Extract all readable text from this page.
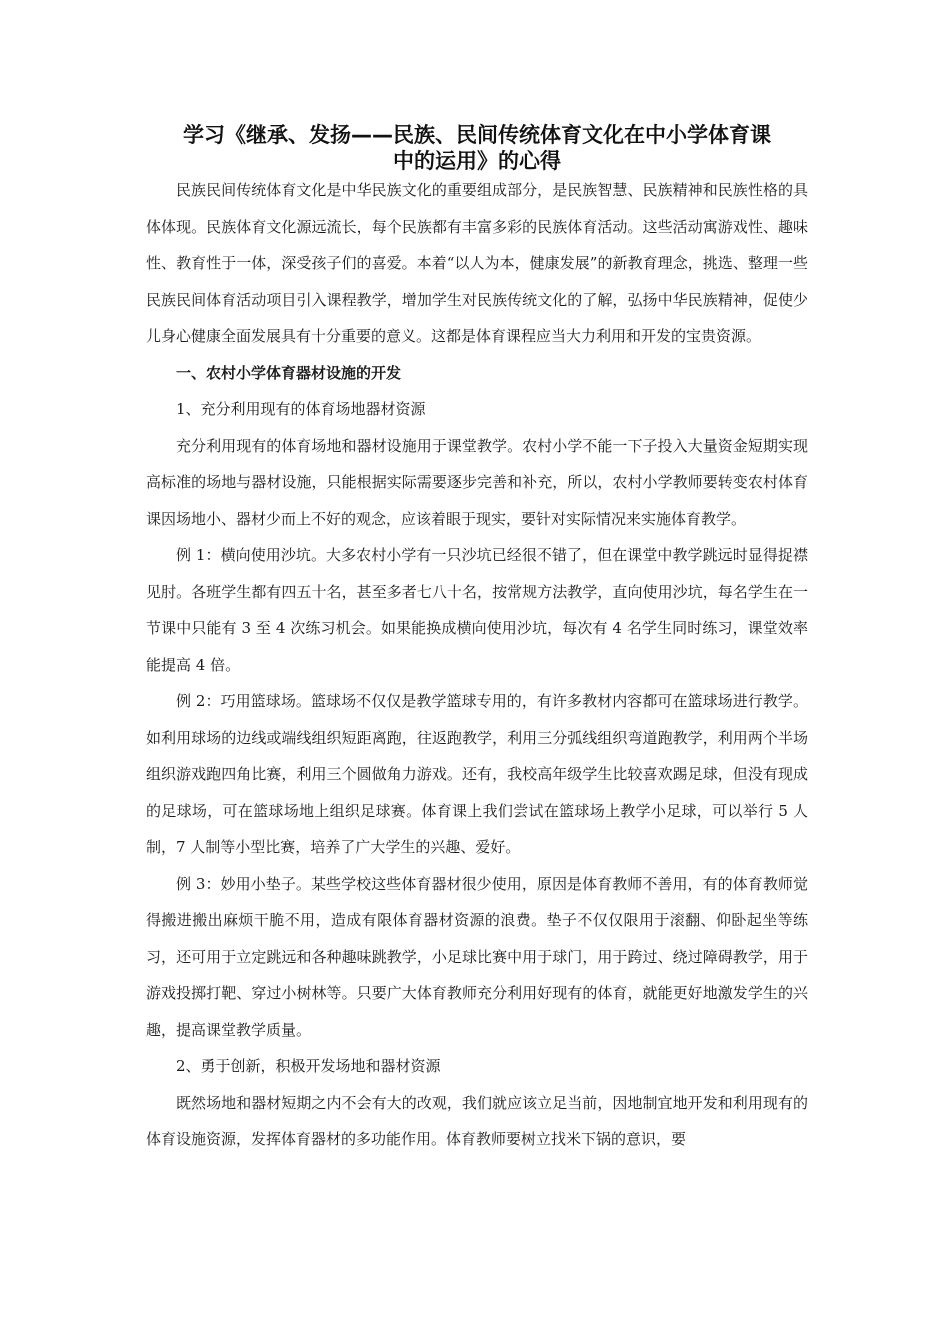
学习《继承、发扬——民族、民间传统体育文化在中小学体育课
中的运用》的心得

民族民间传统体育文化是中华民族文化的重要组成部分，是民族智慧、民族精神和民族性格的具体体现。民族体育文化源远流长，每个民族都有丰富多彩的民族体育活动。这些活动寓游戏性、趣味性、教育性于一体，深受孩子们的喜爱。本着“以人为本，健康发展”的新教育理念，挑选、整理一些民族民间体育活动项目引入课程教学，增加学生对民族传统文化的了解，弘扬中华民族精神，促使少儿身心健康全面发展具有十分重要的意义。这都是体育课程应当大力利用和开发的宝贵资源。

一、农村小学体育器材设施的开发

1、充分利用现有的体育场地器材资源

充分利用现有的体育场地和器材设施用于课堂教学。农村小学不能一下子投入大量资金短期实现高标准的场地与器材设施，只能根据实际需要逐步完善和补充，所以，农村小学教师要转变农村体育课因场地小、器材少而上不好的观念，应该着眼于现实，要针对实际情况来实施体育教学。

例 1：横向使用沙坑。大多农村小学有一只沙坑已经很不错了，但在课堂中教学跳远时显得捉襟见肘。各班学生都有四五十名，甚至多者七八十名，按常规方法教学，直向使用沙坑，每名学生在一节课中只能有 3 至 4 次练习机会。如果能换成横向使用沙坑，每次有 4 名学生同时练习，课堂效率能提高 4 倍。

例 2：巧用篮球场。篮球场不仅仅是教学篮球专用的，有许多教材内容都可在篮球场进行教学。如利用球场的边线或端线组织短距离跑，往返跑教学，利用三分弧线组织弯道跑教学，利用两个半场组织游戏跑四角比赛，利用三个圆做角力游戏。还有，我校高年级学生比较喜欢踢足球，但没有现成的足球场，可在篮球场地上组织足球赛。体育课上我们尝试在篮球场上教学小足球，可以举行 5 人制，7 人制等小型比赛，培养了广大学生的兴趣、爱好。

例 3：妙用小垫子。某些学校这些体育器材很少使用，原因是体育教师不善用，有的体育教师觉得搬进搬出麻烦干脆不用，造成有限体育器材资源的浪费。垫子不仅仅限用于滚翻、仰卧起坐等练习，还可用于立定跳远和各种趣味跳教学，小足球比赛中用于球门，用于跨过、绕过障碍教学，用于游戏投掷打靶、穿过小树林等。只要广大体育教师充分利用好现有的体育，就能更好地激发学生的兴趣，提高课堂教学质量。

2、勇于创新，积极开发场地和器材资源

既然场地和器材短期之内不会有大的改观，我们就应该立足当前，因地制宜地开发和利用现有的体育设施资源，发挥体育器材的多功能作用。体育教师要树立找米下锅的意识，要
